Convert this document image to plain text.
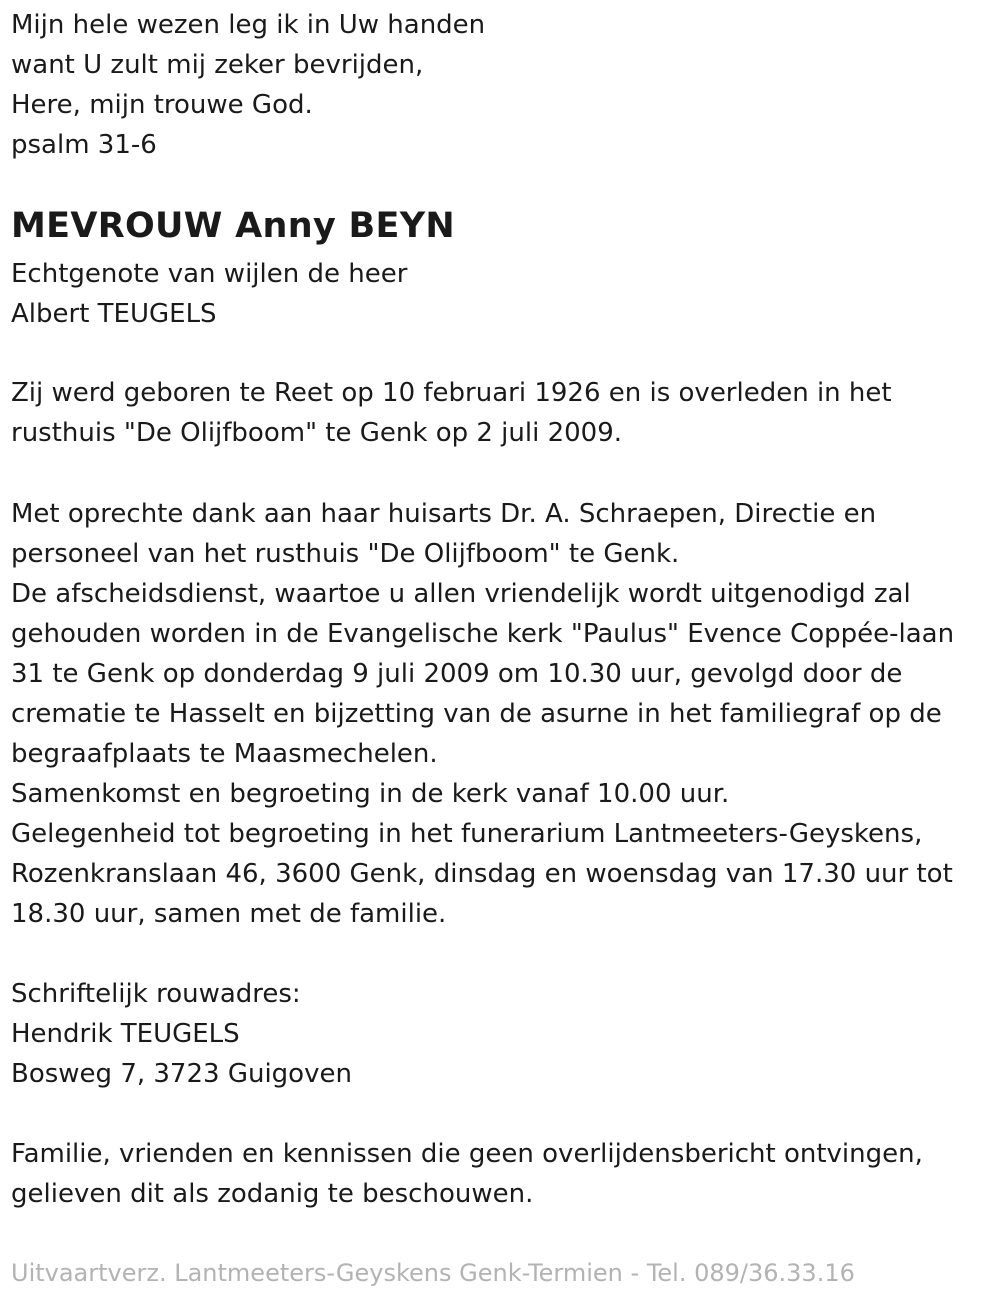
Mijn hele wezen leg ik in Uw handen

want U zult mij zeker bevrijden,

Here, mijn trouwe God.

psalm 31-6

MEVROUW Anny BEYN

Echtgenote van wijlen de heer

Albert TEUGELS

Zij werd geboren te Reet op 10 februari 1926 en is overleden in het

rusthuis "De Olijfboom" te Genk op 2 juli 2009.

Met oprechte dank aan haar huisarts Dr. A. Schraepen, Directie en

personeel van het rusthuis "De Olijfboom" te Genk.

De afscheidsdienst, waartoe u allen vriendelijk wordt uitgenodigd zal

gehouden worden in de Evangelische kerk "Paulus" Evence Coppée-laan

31 te Genk op donderdag 9 juli 2009 om 10.30 uur, gevolgd door de

crematie te Hasselt en bijzetting van de asurne in het familiegraf op de

begraafplaats te Maasmechelen.

Samenkomst en begroeting in de kerk vanaf 10.00 uur.

Gelegenheid tot begroeting in het funerarium Lantmeeters-Geyskens,

Rozenkranslaan 46, 3600 Genk, dinsdag en woensdag van 17.30 uur tot

18.30 uur, samen met de familie.

Schriftelijk rouwadres:

Hendrik TEUGELS

Bosweg 7, 3723 Guigoven

Familie, vrienden en kennissen die geen overlijdensbericht ontvingen,

gelieven dit als zodanig te beschouwen.

Uitvaartverz. Lantmeeters-Geyskens Genk-Termien - Tel. 089/36.33.16
